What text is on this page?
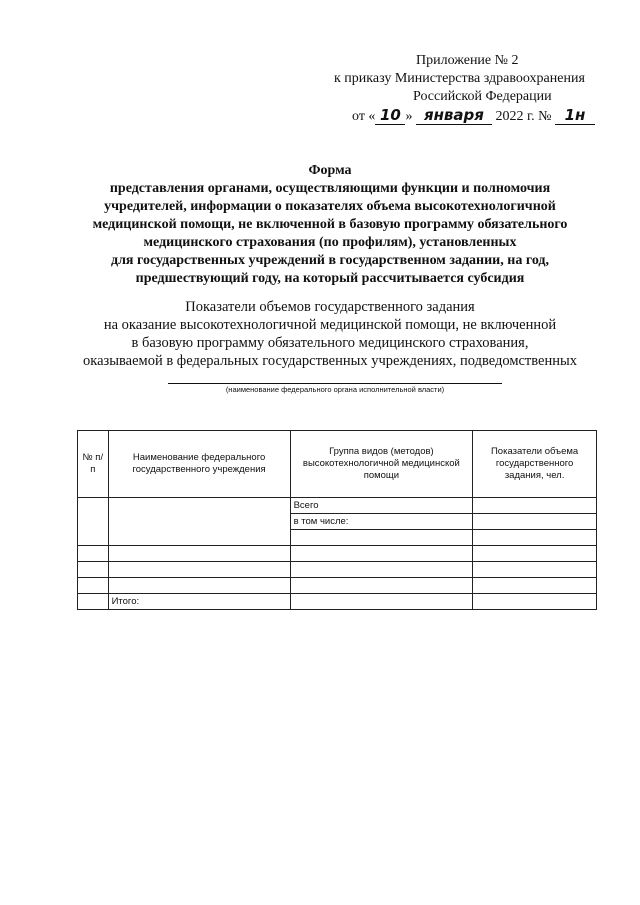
Приложение № 2
к приказу Министерства здравоохранения
Российской Федерации
от « 10 » января 2022 г. № 1н
Форма
представления органами, осуществляющими функции и полномочия
учредителей, информации о показателях объема высокотехнологичной
медицинской помощи, не включенной в базовую программу обязательного
медицинского страхования (по профилям), установленных
для государственных учреждений в государственном задании, на год,
предшествующий году, на который рассчитывается субсидия
Показатели объемов государственного задания
на оказание высокотехнологичной медицинской помощи, не включенной
в базовую программу обязательного медицинского страхования,
оказываемой в федеральных государственных учреждениях, подведомственных
(наименование федерального органа исполнительной власти)
№ п/п	Наименование федерального государственного учреждения	Группа видов (методов) высокотехнологичной медицинской помощи	Показатели объема государственного задания, чел.
		Всего	
		в том числе:	

	Итого:		
